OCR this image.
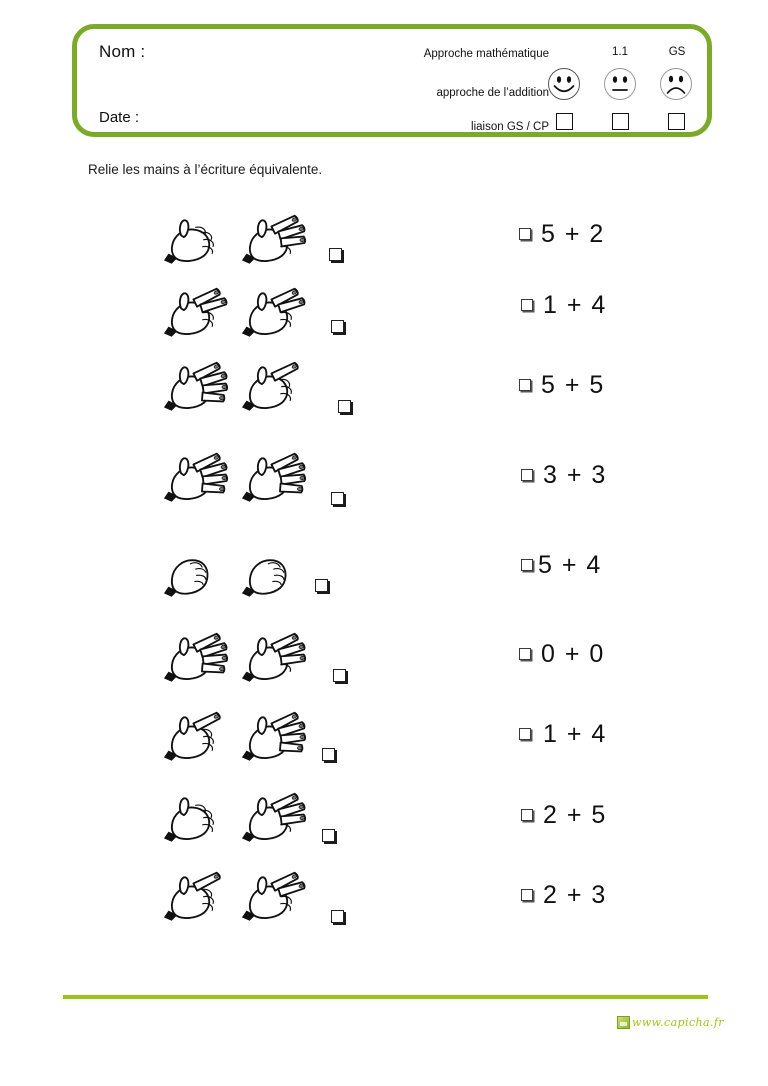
Nom :
Date :
Approche mathématique
approche de l’addition
liaison GS / CP
1.1	GS
Relie les mains à l’écriture équivalente.
5 + 2
1 + 4
5 + 5
3 + 3
5 + 4
0 + 0
1 + 4
2 + 5
2 + 3
www.capicha.fr
